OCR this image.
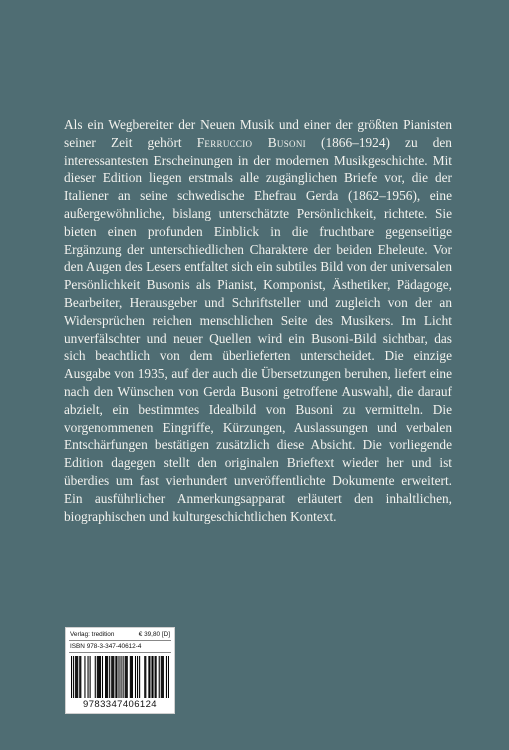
Als ein Wegbereiter der Neuen Musik und einer der größten Pianisten seiner Zeit gehört Ferruccio Busoni (1866–1924) zu den interessantesten Erscheinungen in der modernen Musikgeschichte. Mit dieser Edition liegen erstmals alle zugänglichen Briefe vor, die der Italiener an seine schwedische Ehefrau Gerda (1862–1956), eine außergewöhnliche, bislang unterschätzte Persönlichkeit, richtete. Sie bieten einen profunden Einblick in die fruchtbare gegenseitige Ergänzung der unterschiedlichen Charaktere der beiden Eheleute. Vor den Augen des Lesers entfaltet sich ein subtiles Bild von der universalen Persönlichkeit Busonis als Pianist, Komponist, Ästhetiker, Pädagoge, Bearbeiter, Herausgeber und Schriftsteller und zugleich von der an Widersprüchen reichen menschlichen Seite des Musikers. Im Licht unverfälschter und neuer Quellen wird ein Busoni-Bild sichtbar, das sich beachtlich von dem überlieferten unterscheidet. Die einzige Ausgabe von 1935, auf der auch die Übersetzungen beruhen, liefert eine nach den Wünschen von Gerda Busoni getroffene Auswahl, die darauf abzielt, ein bestimmtes Idealbild von Busoni zu vermitteln. Die vorgenommenen Eingriffe, Kürzungen, Auslassungen und verbalen Entschärfungen bestätigen zusätzlich diese Absicht. Die vorliegende Edition dagegen stellt den originalen Brieftext wieder her und ist überdies um fast vierhundert unveröffentlichte Dokumente erweitert. Ein ausführlicher Anmerkungsapparat erläutert den inhaltlichen, biographischen und kulturgeschichtlichen Kontext.

Verlag: tredition	€ 39,80 [D]
ISBN 978-3-347-40612-4
9783347406124
